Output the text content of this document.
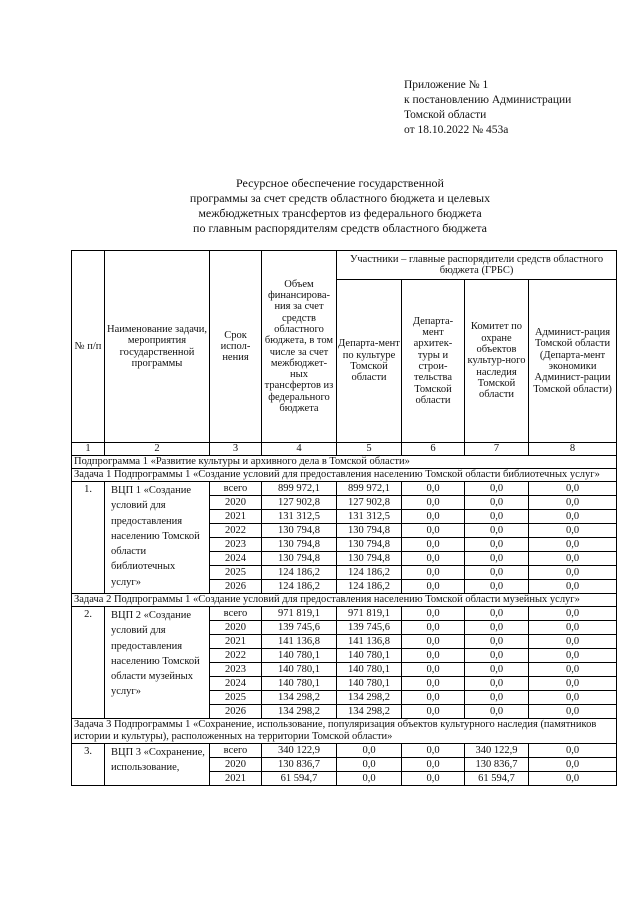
Приложение № 1
к постановлению Администрации
Томской области
от 18.10.2022 № 453а
Ресурсное обеспечение государственной
программы за счет средств областного бюджета и целевых
межбюджетных трансфертов из федерального бюджета
по главным распорядителям средств областного бюджета
№ п/п	Наименование задачи, мероприятия государственной программы	Срок испол-нения	Объем финансирова-ния за счет средств областного бюджета, в том числе за счет межбюджет-ных трансфертов из федерального бюджета	Участники – главные распорядители средств областного бюджета (ГРБС)			
				Департа-мент по культуре Томской области	Департа-мент архитек-туры и строи-тельства Томской области	Комитет по охране объектов культур-ного наследия Томской области	Админист-рация Томской области (Департа-мент экономики Админист-рации Томской области)
1	2	3	4	5	6	7	8
Подпрограмма 1 «Развитие культуры и архивного дела в Томской области»							
Задача 1 Подпрограммы 1 «Создание условий для предоставления населению Томской области библиотечных услуг»							
1.	ВЦП 1 «Создание условий для предоставления населению Томской области библиотечных услуг»	всего	899 972,1	899 972,1	0,0	0,0	0,0
		2020	127 902,8	127 902,8	0,0	0,0	0,0
		2021	131 312,5	131 312,5	0,0	0,0	0,0
		2022	130 794,8	130 794,8	0,0	0,0	0,0
		2023	130 794,8	130 794,8	0,0	0,0	0,0
		2024	130 794,8	130 794,8	0,0	0,0	0,0
		2025	124 186,2	124 186,2	0,0	0,0	0,0
		2026	124 186,2	124 186,2	0,0	0,0	0,0
Задача 2 Подпрограммы 1 «Создание условий для предоставления населению Томской области музейных услуг»							
2.	ВЦП 2 «Создание условий для предоставления населению Томской области музейных услуг»	всего	971 819,1	971 819,1	0,0	0,0	0,0
		2020	139 745,6	139 745,6	0,0	0,0	0,0
		2021	141 136,8	141 136,8	0,0	0,0	0,0
		2022	140 780,1	140 780,1	0,0	0,0	0,0
		2023	140 780,1	140 780,1	0,0	0,0	0,0
		2024	140 780,1	140 780,1	0,0	0,0	0,0
		2025	134 298,2	134 298,2	0,0	0,0	0,0
		2026	134 298,2	134 298,2	0,0	0,0	0,0
Задача 3 Подпрограммы 1 «Сохранение, использование, популяризация объектов культурного наследия (памятников истории и культуры), расположенных на территории Томской области»							
3.	ВЦП 3 «Сохранение, использование,	всего	340 122,9	0,0	0,0	340 122,9	0,0
		2020	130 836,7	0,0	0,0	130 836,7	0,0
		2021	61 594,7	0,0	0,0	61 594,7	0,0
